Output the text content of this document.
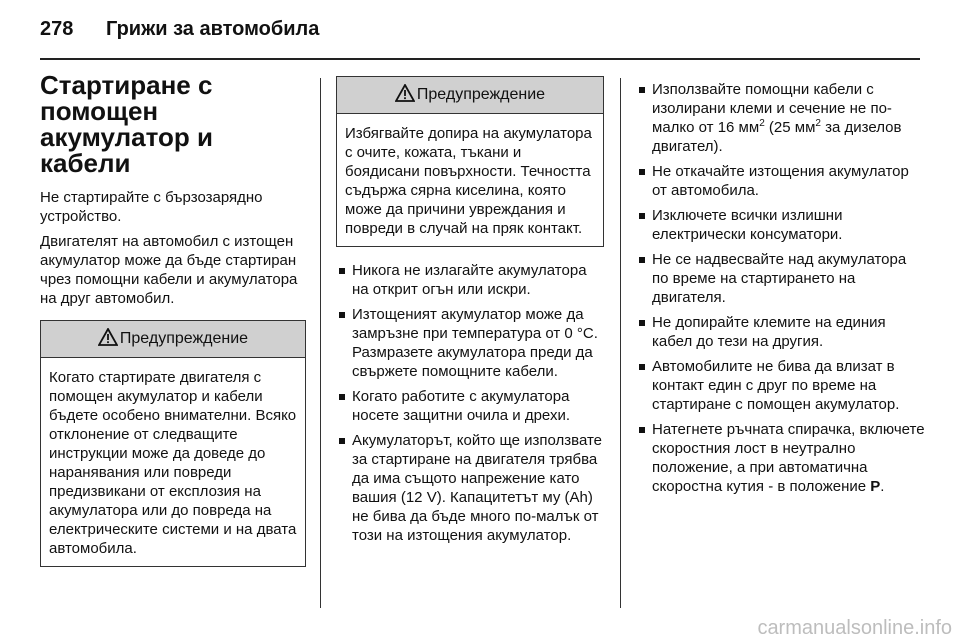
278 Грижи за автомобила
Стартиране с помощен акумулатор и кабели

Не стартирайте с бързозарядно устройство.

Двигателят на автомобил с изтощен акумулатор може да бъде стартиран чрез помощни кабели и акумулатора на друг автомобил.

Предупреждение
Когато стартирате двигателя с помощен акумулатор и кабели бъдете особено внимателни. Всяко отклонение от следващите инструкции може да доведе до наранявания или повреди предизвикани от експлозия на акумулатора или до повреда на електрическите системи и на двата автомобила.
Предупреждение
Избягвайте допира на акумулатора с очите, кожата, тъкани и боядисани повърхности. Течността съдържа сярна киселина, която може да причини увреждания и повреди в случай на пряк контакт.
Никога не излагайте акумулатора на открит огън или искри.
Изтощеният акумулатор може да замръзне при температура от 0 °C. Размразете акумулатора преди да свържете помощните кабели.
Когато работите с акумулатора носете защитни очила и дрехи.
Акумулаторът, който ще използвате за стартиране на двигателя трябва да има същото напрежение като вашия (12 V). Капацитетът му (Ah) не бива да бъде много по-малък от този на изтощения акумулатор.
Използвайте помощни кабели с изолирани клеми и сечение не по-малко от 16 $мм^2$ (25 $мм^2$ за дизелов двигател).
Не откачайте изтощения акумулатор от автомобила.
Изключете всички излишни електрически консуматори.
Не се надвесвайте над акумулатора по време на стартирането на двигателя.
Не допирайте клемите на единия кабел до тези на другия.
Автомобилите не бива да влизат в контакт един с друг по време на стартиране с помощен акумулатор.
Натегнете ръчната спирачка, включете скоростния лост в неутрално положение, а при автоматична скоростна кутия - в положение P.
carmanualsonline.info
